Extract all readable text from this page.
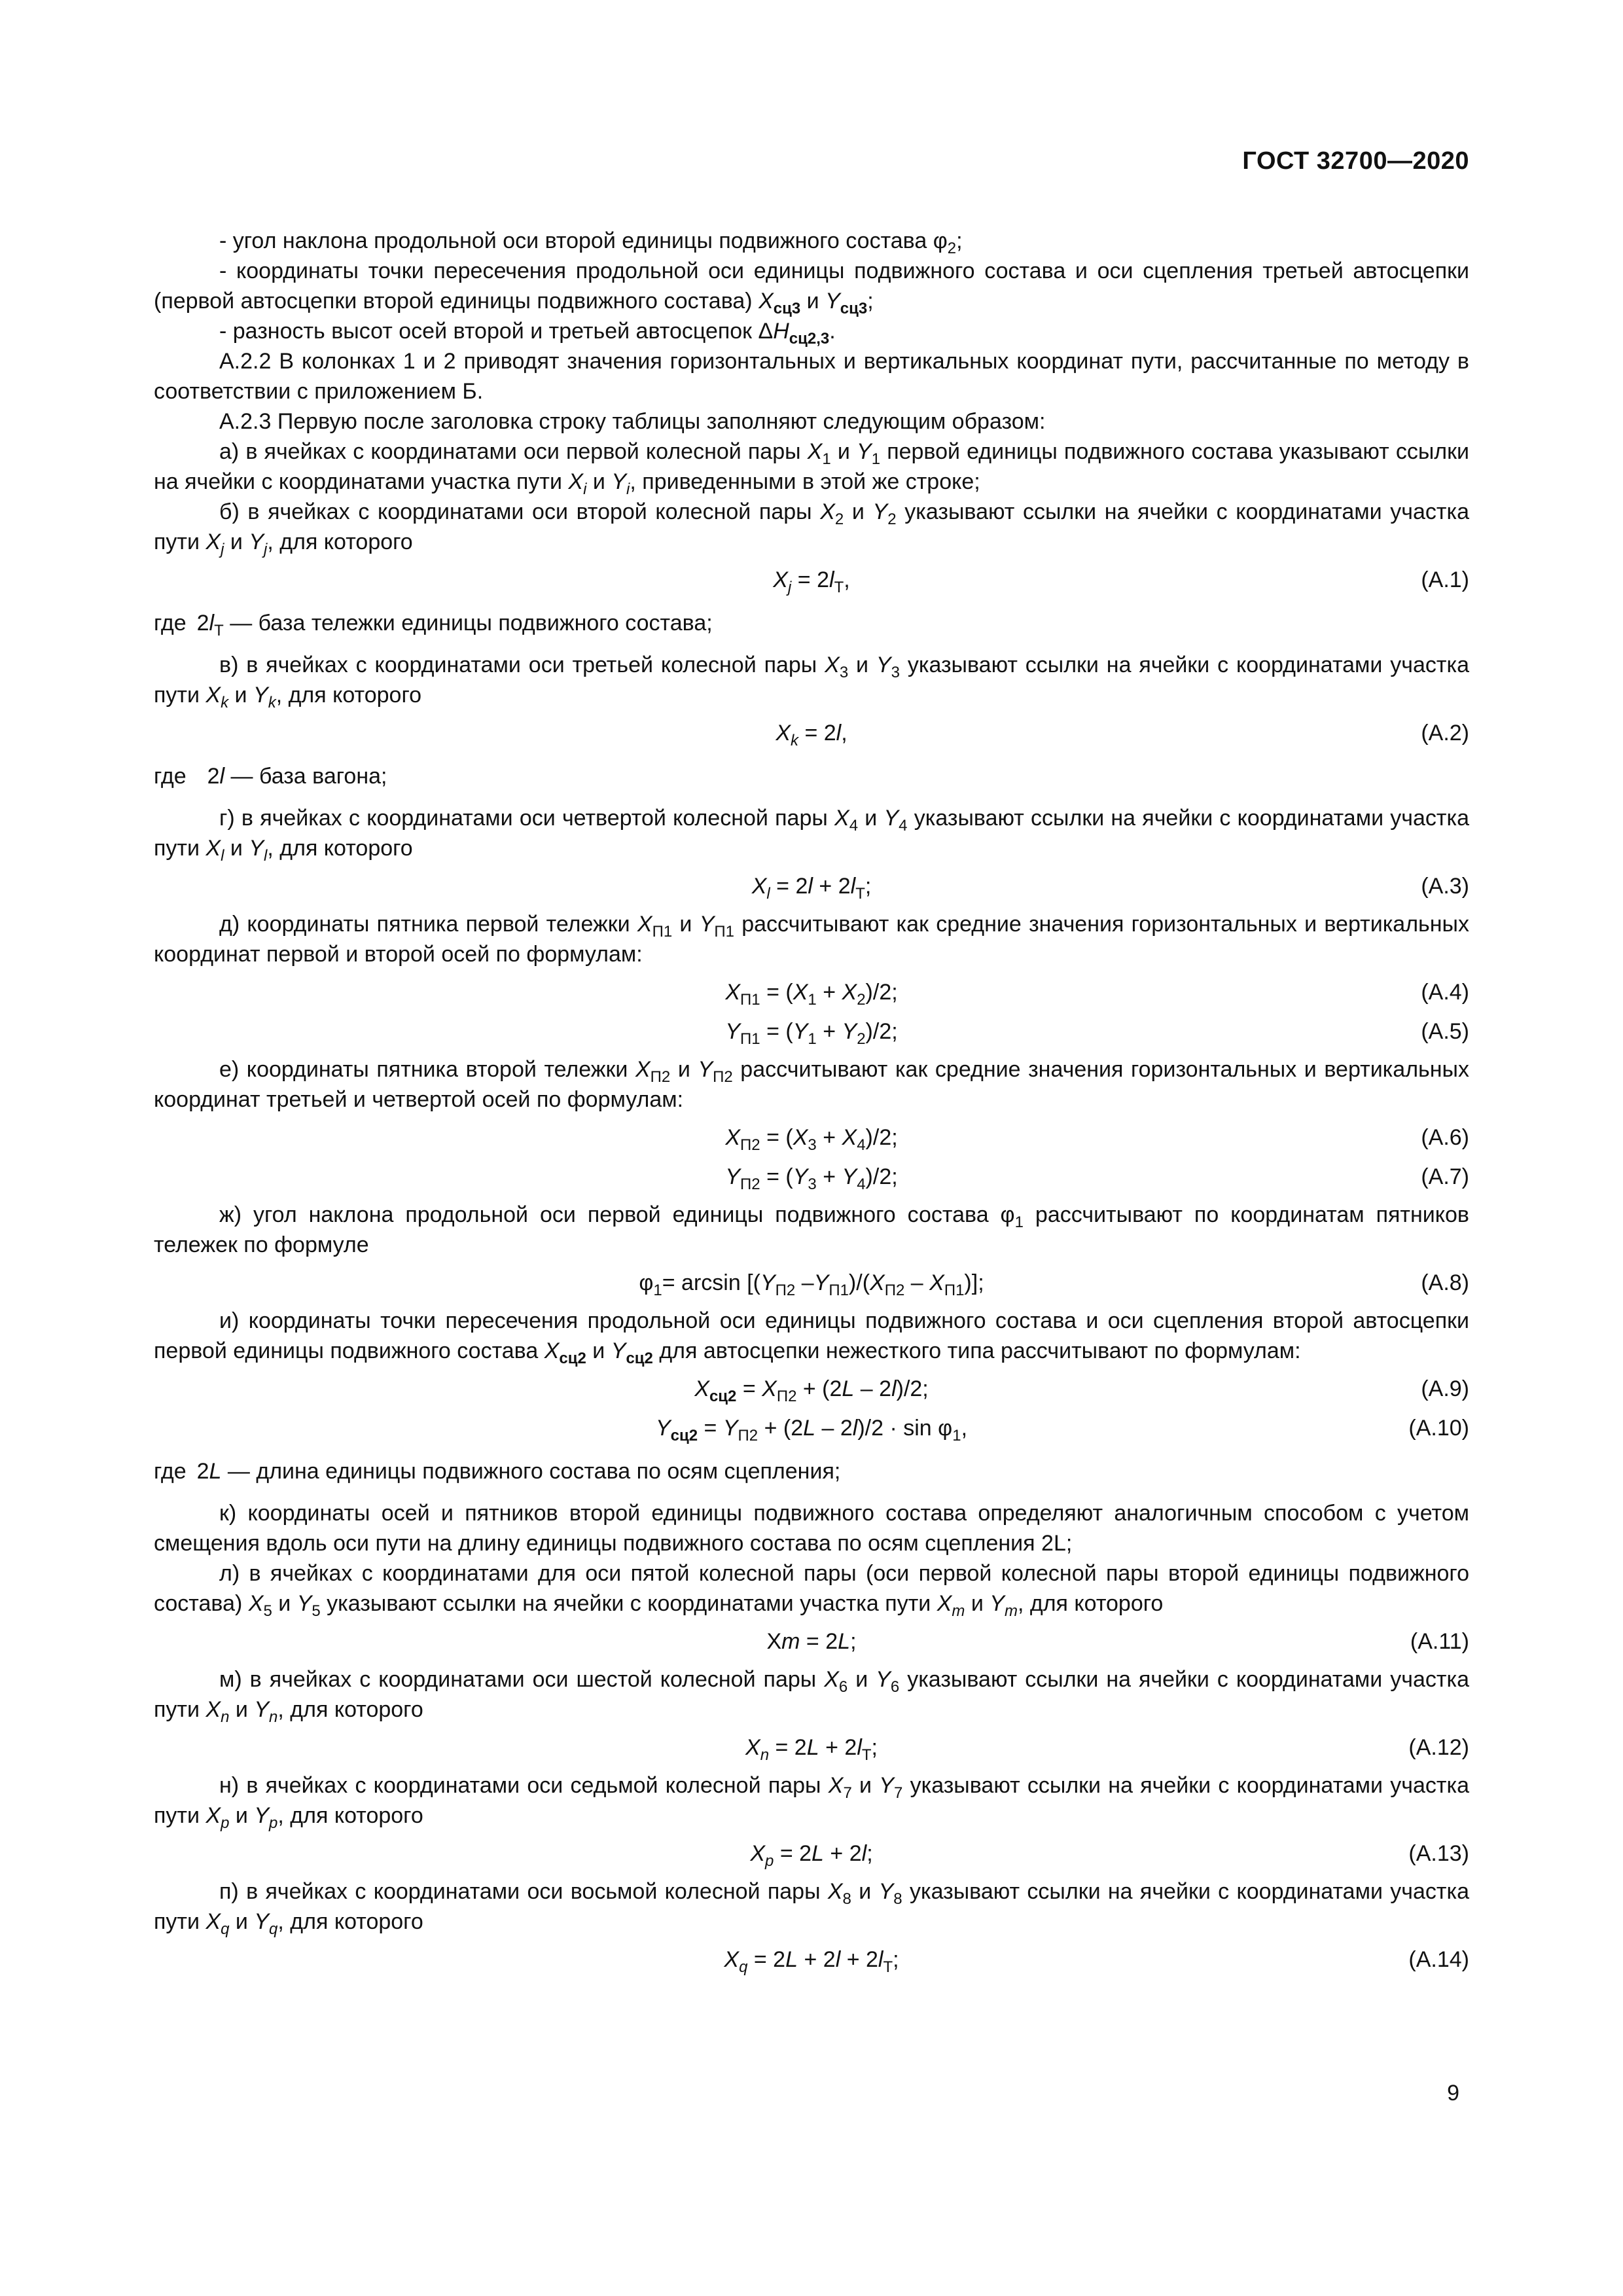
ГОСТ 32700—2020

- угол наклона продольной оси второй единицы подвижного состава $\varphi_2$;

- координаты точки пересечения продольной оси единицы подвижного состава и оси сцепления третьей автосцепки (первой автосцепки второй единицы подвижного состава) $X_{сц3}$ и $Y_{сц3}$;

- разность высот осей второй и третьей автосцепок $\Delta H_{сц2,3}$.

А.2.2 В колонках 1 и 2 приводят значения горизонтальных и вертикальных координат пути, рассчитанные по методу в соответствии с приложением Б.

А.2.3 Первую после заголовка строку таблицы заполняют следующим образом:

а) в ячейках с координатами оси первой колесной пары $X_1$ и $Y_1$ первой единицы подвижного состава указывают ссылки на ячейки с координатами участка пути $X_i$ и $Y_i$, приведенными в этой же строке;

б) в ячейках с координатами оси второй колесной пары $X_2$ и $Y_2$ указывают ссылки на ячейки с координатами участка пути $X_j$ и $Y_j$, для которого

$X_j = 2l_Т$,	(А.1)

где $2l_Т$ — база тележки единицы подвижного состава;

в) в ячейках с координатами оси третьей колесной пары $X_3$ и $Y_3$ указывают ссылки на ячейки с координатами участка пути $X_k$ и $Y_k$, для которого

$X_k = 2l$,	(А.2)

где 2l — база вагона;

г) в ячейках с координатами оси четвертой колесной пары $X_4$ и $Y_4$ указывают ссылки на ячейки с координатами участка пути $X_l$ и $Y_l$, для которого

$X_l = 2l + 2l_Т$;	(А.3)

д) координаты пятника первой тележки $X_{П1}$ и $Y_{П1}$ рассчитывают как средние значения горизонтальных и вертикальных координат первой и второй осей по формулам:

$X_{П1} = (X_1 + X_2)/2$;	(А.4)
$Y_{П1} = (Y_1 + Y_2)/2$;	(А.5)

е) координаты пятника второй тележки $X_{П2}$ и $Y_{П2}$ рассчитывают как средние значения горизонтальных и вертикальных координат третьей и четвертой осей по формулам:

$X_{П2} = (X_3 + X_4)/2$;	(А.6)
$Y_{П2} = (Y_3 + Y_4)/2$;	(А.7)

ж) угол наклона продольной оси первой единицы подвижного состава $\varphi_1$ рассчитывают по координатам пятников тележек по формуле

$\varphi_1= \arcsin [(Y_{П2}$ $-Y_{П1})/(X_{П2} - X_{П1})$];	(А.8)

и) координаты точки пересечения продольной оси единицы подвижного состава и оси сцепления второй автосцепки первой единицы подвижного состава $X_{сц2}$ и $Y_{сц2}$ для автосцепки нежесткого типа рассчитывают по формулам:

$X_{сц2} = X_{П2} + (2L - 2l)/2$;	(А.9)
$Y_{сц2} = Y_{П2} + (2L - 2l)/2 \cdot \sin \varphi_1$,	(А.10)

где 2L — длина единицы подвижного состава по осям сцепления;

к) координаты осей и пятников второй единицы подвижного состава определяют аналогичным способом с учетом смещения вдоль оси пути на длину единицы подвижного состава по осям сцепления 2L;

л) в ячейках с координатами для оси пятой колесной пары (оси первой колесной пары второй единицы подвижного состава) $X_5$ и $Y_5$ указывают ссылки на ячейки с координатами участка пути $X_m$ и $Y_m$, для которого

Xm = 2L;	(А.11)

м) в ячейках с координатами оси шестой колесной пары $X_6$ и $Y_6$ указывают ссылки на ячейки с координатами участка пути $X_n$ и $Y_n$, для которого

$X_n = 2L + 2l_Т$;	(А.12)

н) в ячейках с координатами оси седьмой колесной пары $X_7$ и $Y_7$ указывают ссылки на ячейки с координатами участка пути $X_p$ и $Y_p$, для которого

$X_p = 2L + 2l$;	(А.13)

п) в ячейках с координатами оси восьмой колесной пары $X_8$ и $Y_8$ указывают ссылки на ячейки с координатами участка пути $X_q$ и $Y_q$, для которого

$X_q = 2L + 2l + 2l_Т$;	(А.14)
9
